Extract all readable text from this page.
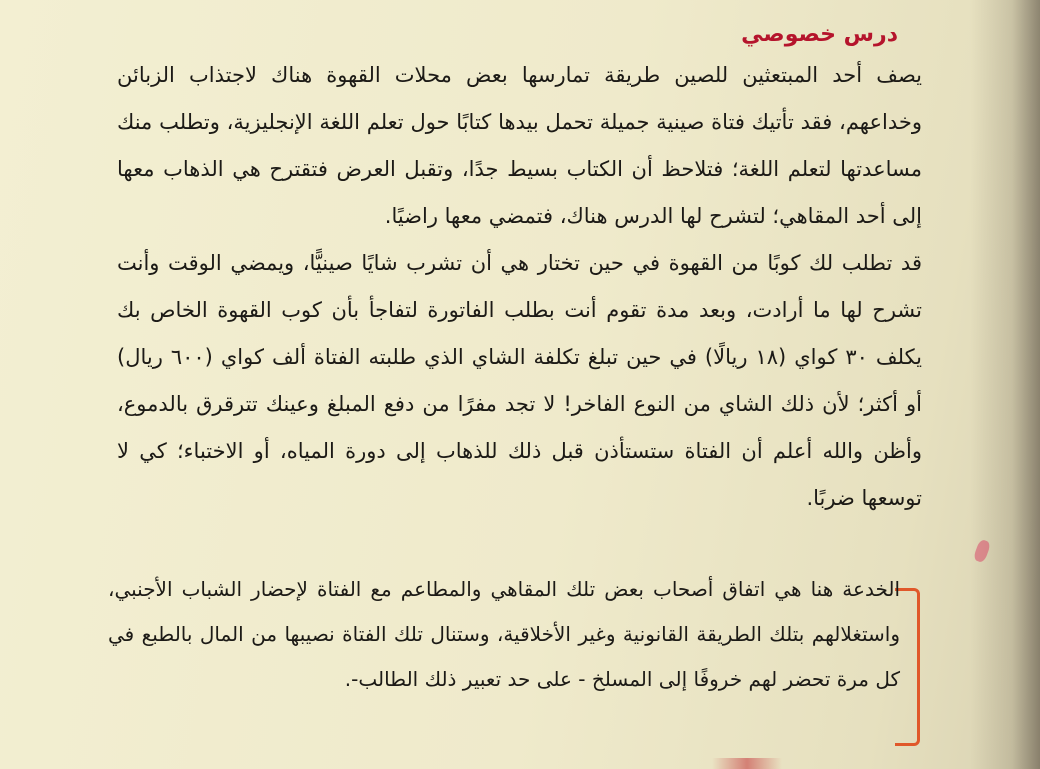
درس خصوصي

يصف أحد المبتعثين للصين طريقة تمارسها بعض محلات القهوة هناك لاجتذاب الزبائن وخداعهم، فقد تأتيك فتاة صينية جميلة تحمل بيدها كتابًا حول تعلم اللغة الإنجليزية، وتطلب منك مساعدتها لتعلم اللغة؛ فتلاحظ أن الكتاب بسيط جدًا، وتقبل العرض فتقترح هي الذهاب معها إلى أحد المقاهي؛ لتشرح لها الدرس هناك، فتمضي معها راضيًا.

قد تطلب لك كوبًا من القهوة في حين تختار هي أن تشرب شايًا صينيًّا، ويمضي الوقت وأنت تشرح لها ما أرادت، وبعد مدة تقوم أنت بطلب الفاتورة لتفاجأ بأن كوب القهوة الخاص بك يكلف ٣٠ كواي (١٨ ريالًا) في حين تبلغ تكلفة الشاي الذي طلبته الفتاة ألف كواي (٦٠٠ ريال) أو أكثر؛ لأن ذلك الشاي من النوع الفاخر! لا تجد مفرًا من دفع المبلغ وعينك تترقرق بالدموع، وأظن والله أعلم أن الفتاة ستستأذن قبل ذلك للذهاب إلى دورة المياه، أو الاختباء؛ كي لا توسعها ضربًا.

الخدعة هنا هي اتفاق أصحاب بعض تلك المقاهي والمطاعم مع الفتاة لإحضار الشباب الأجنبي، واستغلالهم بتلك الطريقة القانونية وغير الأخلاقية، وستنال تلك الفتاة نصيبها من المال بالطبع في كل مرة تحضر لهم خروفًا إلى المسلخ - على حد تعبير ذلك الطالب-.
